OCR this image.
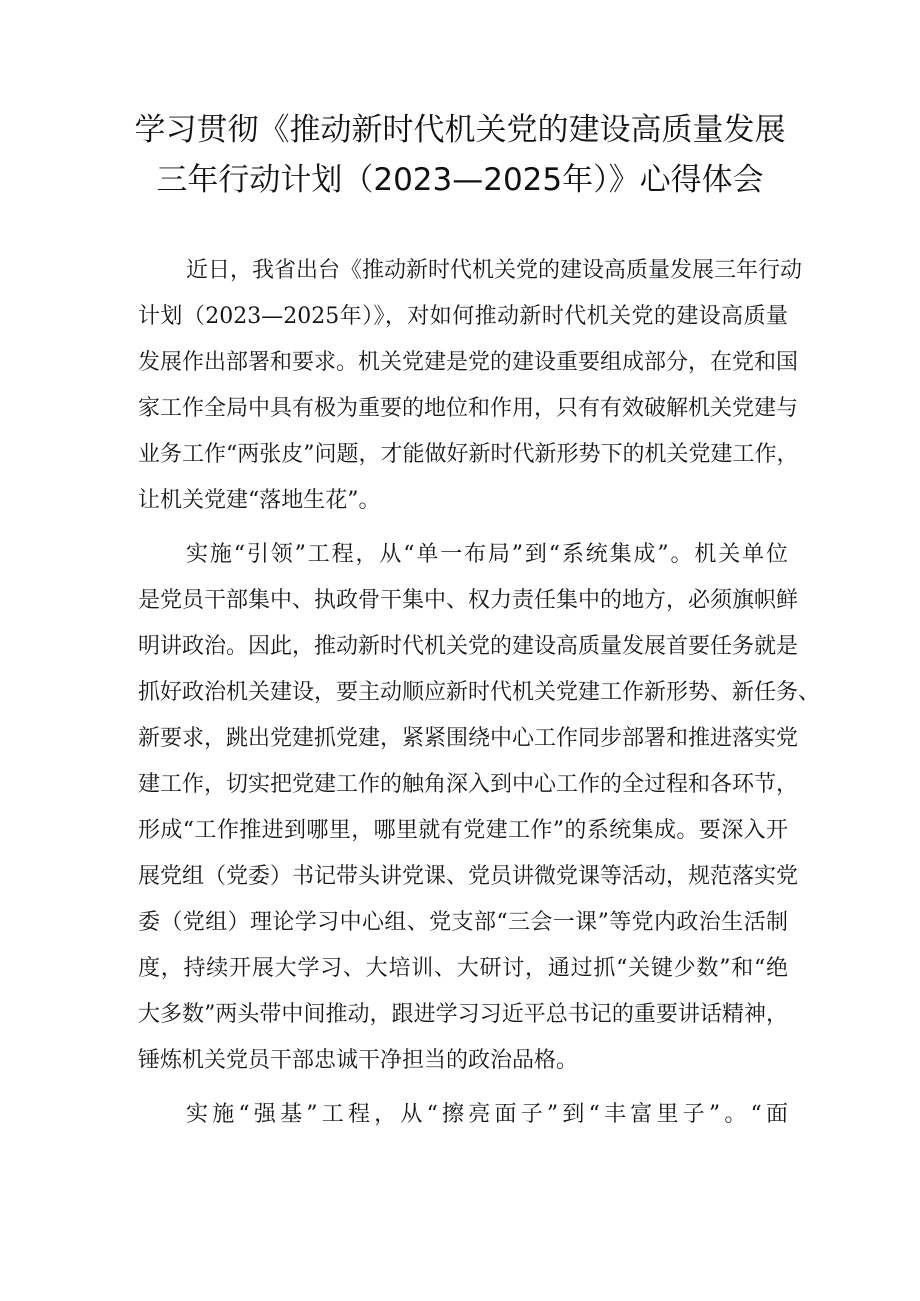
学习贯彻《推动新时代机关党的建设高质量发展
三年行动计划（2023—2025年）》心得体会
近日，我省出台《推动新时代机关党的建设高质量发展三年行动
计划（2023—2025年）》，对如何推动新时代机关党的建设高质量
发展作出部署和要求。机关党建是党的建设重要组成部分，在党和国
家工作全局中具有极为重要的地位和作用，只有有效破解机关党建与
业务工作“两张皮”问题，才能做好新时代新形势下的机关党建工作，
让机关党建“落地生花”。
实施“引领”工程，从“单一布局”到“系统集成”。机关单位
是党员干部集中、执政骨干集中、权力责任集中的地方，必须旗帜鲜
明讲政治。因此，推动新时代机关党的建设高质量发展首要任务就是
抓好政治机关建设，要主动顺应新时代机关党建工作新形势、新任务、
新要求，跳出党建抓党建，紧紧围绕中心工作同步部署和推进落实党
建工作，切实把党建工作的触角深入到中心工作的全过程和各环节，
形成“工作推进到哪里，哪里就有党建工作”的系统集成。要深入开
展党组（党委）书记带头讲党课、党员讲微党课等活动，规范落实党
委（党组）理论学习中心组、党支部“三会一课”等党内政治生活制
度，持续开展大学习、大培训、大研讨，通过抓“关键少数”和“绝
大多数”两头带中间推动，跟进学习习近平总书记的重要讲话精神，
锤炼机关党员干部忠诚干净担当的政治品格。
实施“强基”工程，从“擦亮面子”到“丰富里子”。“面
